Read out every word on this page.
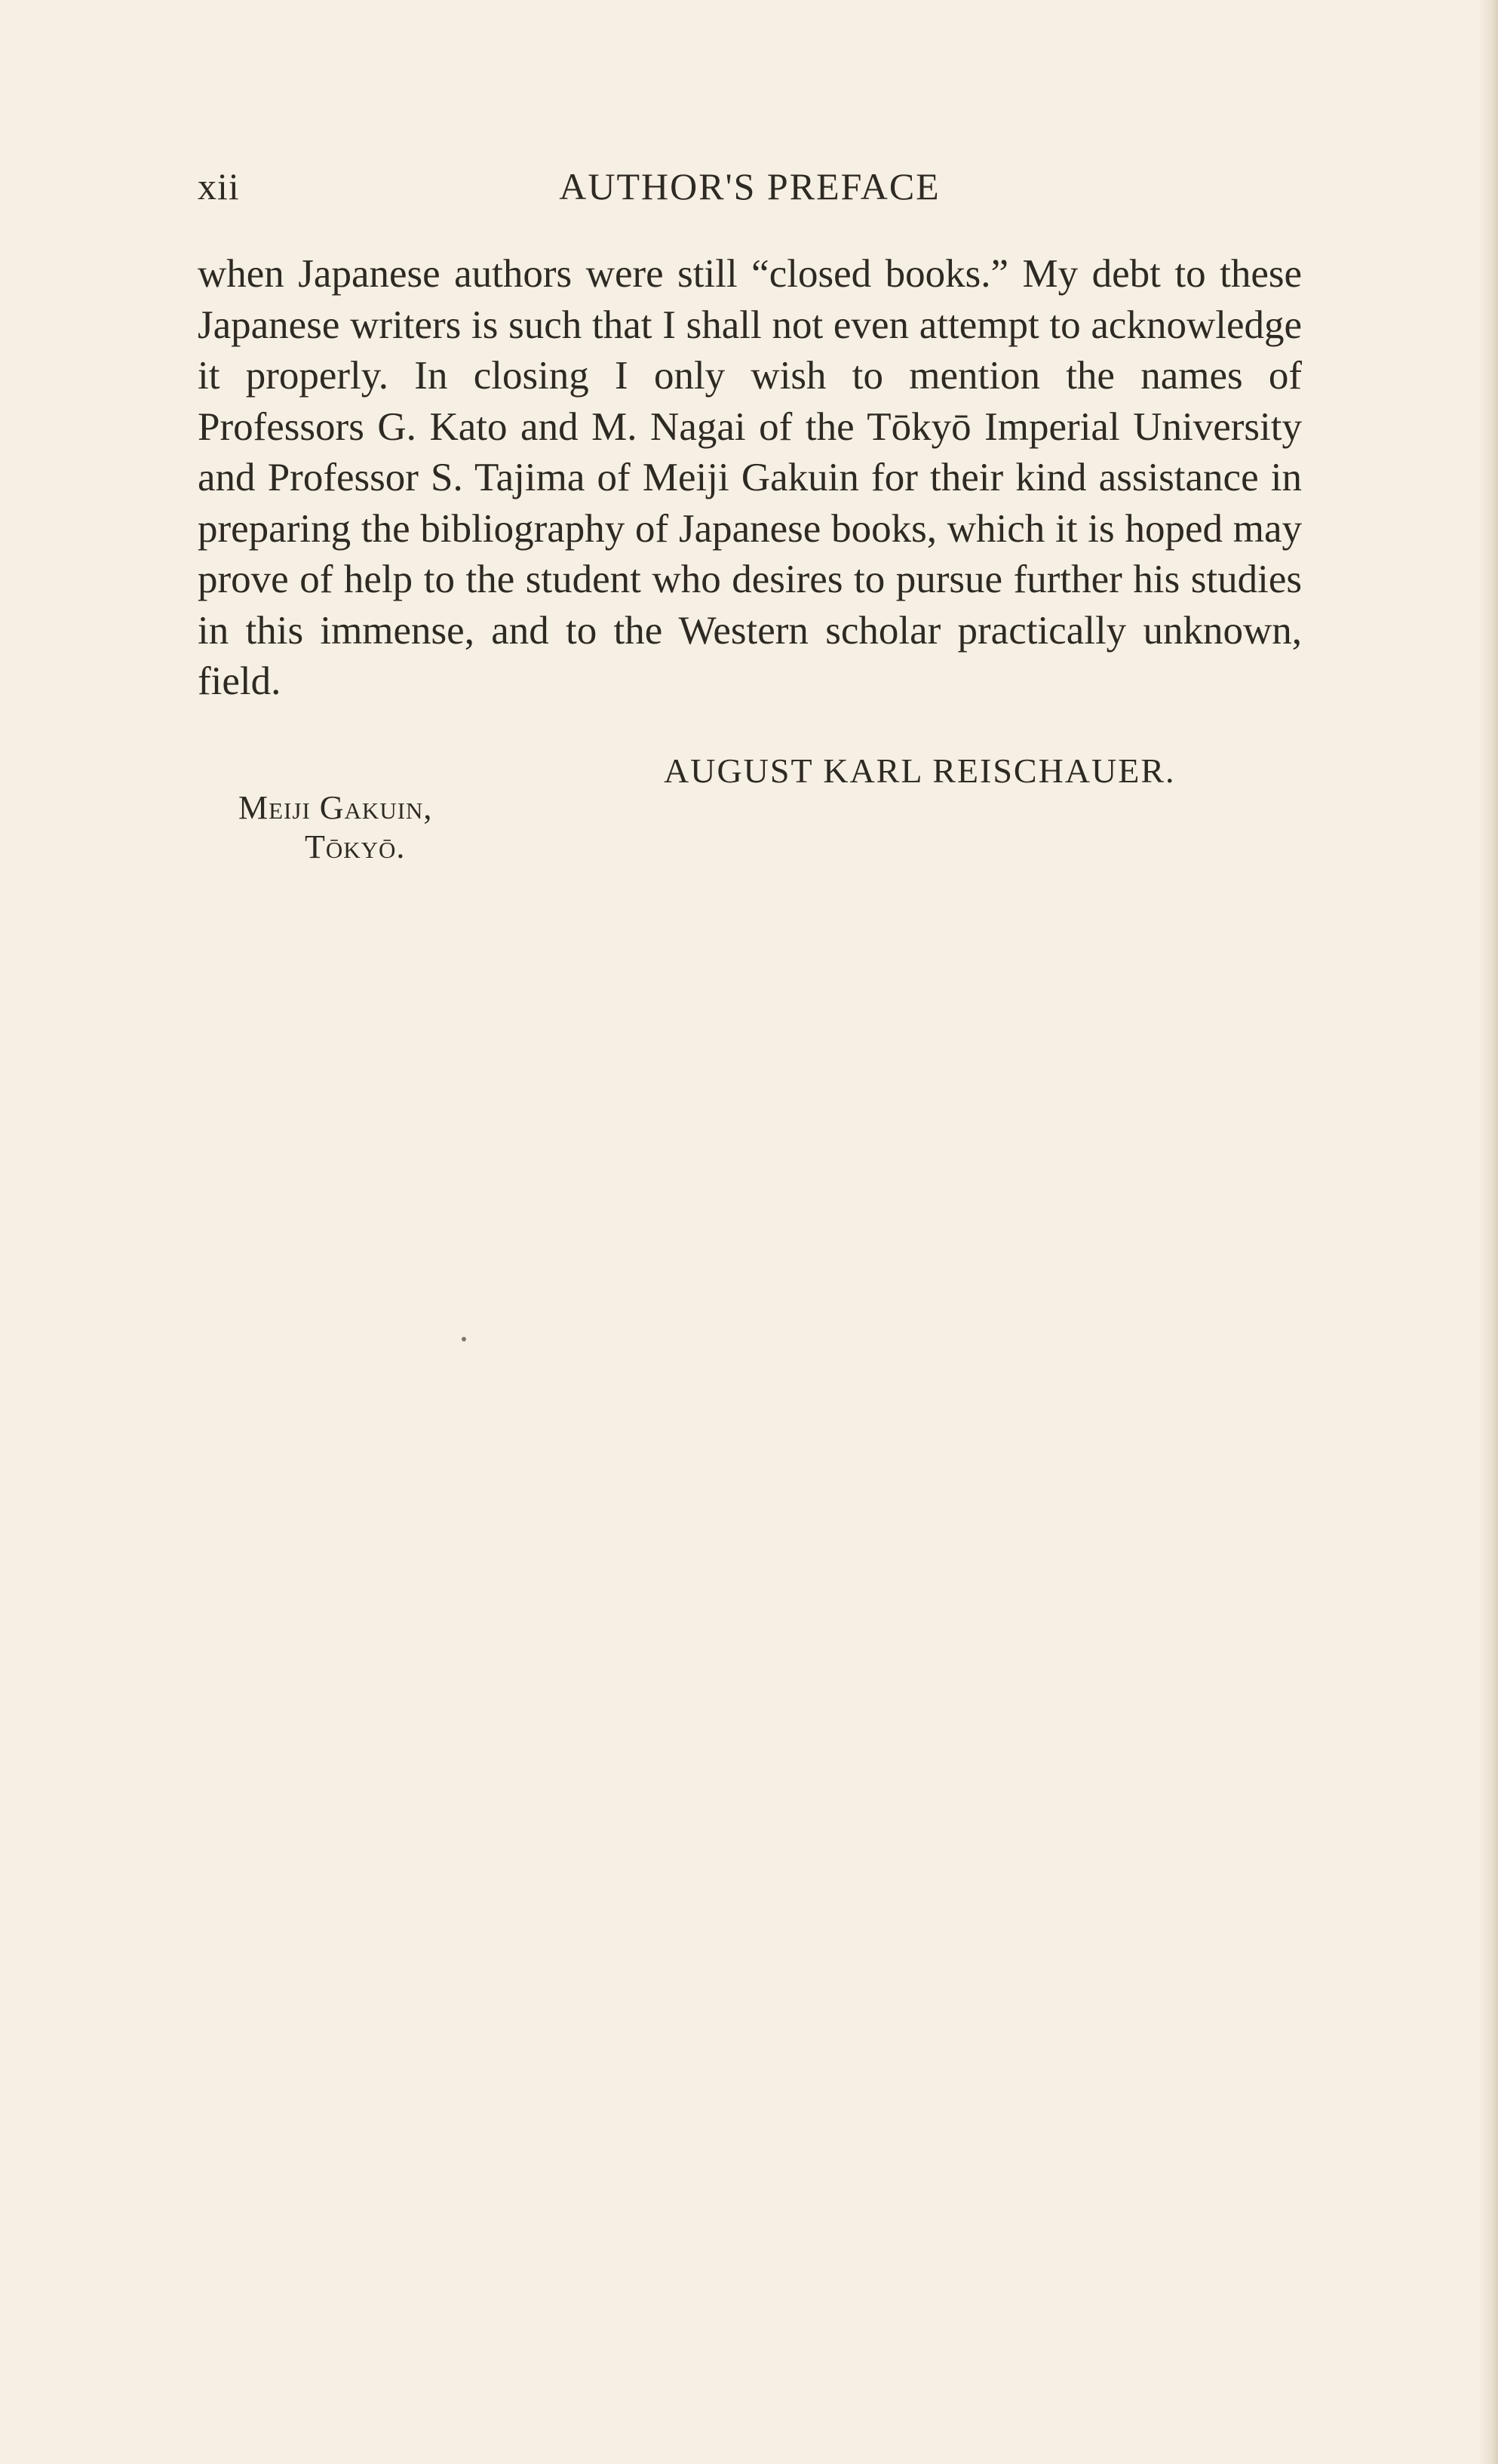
xii	AUTHOR'S PREFACE

when Japanese authors were still “closed books.” My debt to these Japanese writers is such that I shall not even attempt to acknowledge it properly. In closing I only wish to mention the names of Professors G. Kato and M. Nagai of the Tōkyō Imperial University and Professor S. Tajima of Meiji Gakuin for their kind assistance in preparing the bibliography of Japanese books, which it is hoped may prove of help to the student who desires to pursue further his studies in this immense, and to the Western scholar practically unknown, field.

AUGUST KARL REISCHAUER.
Meiji Gakuin,
Tōkyō.
